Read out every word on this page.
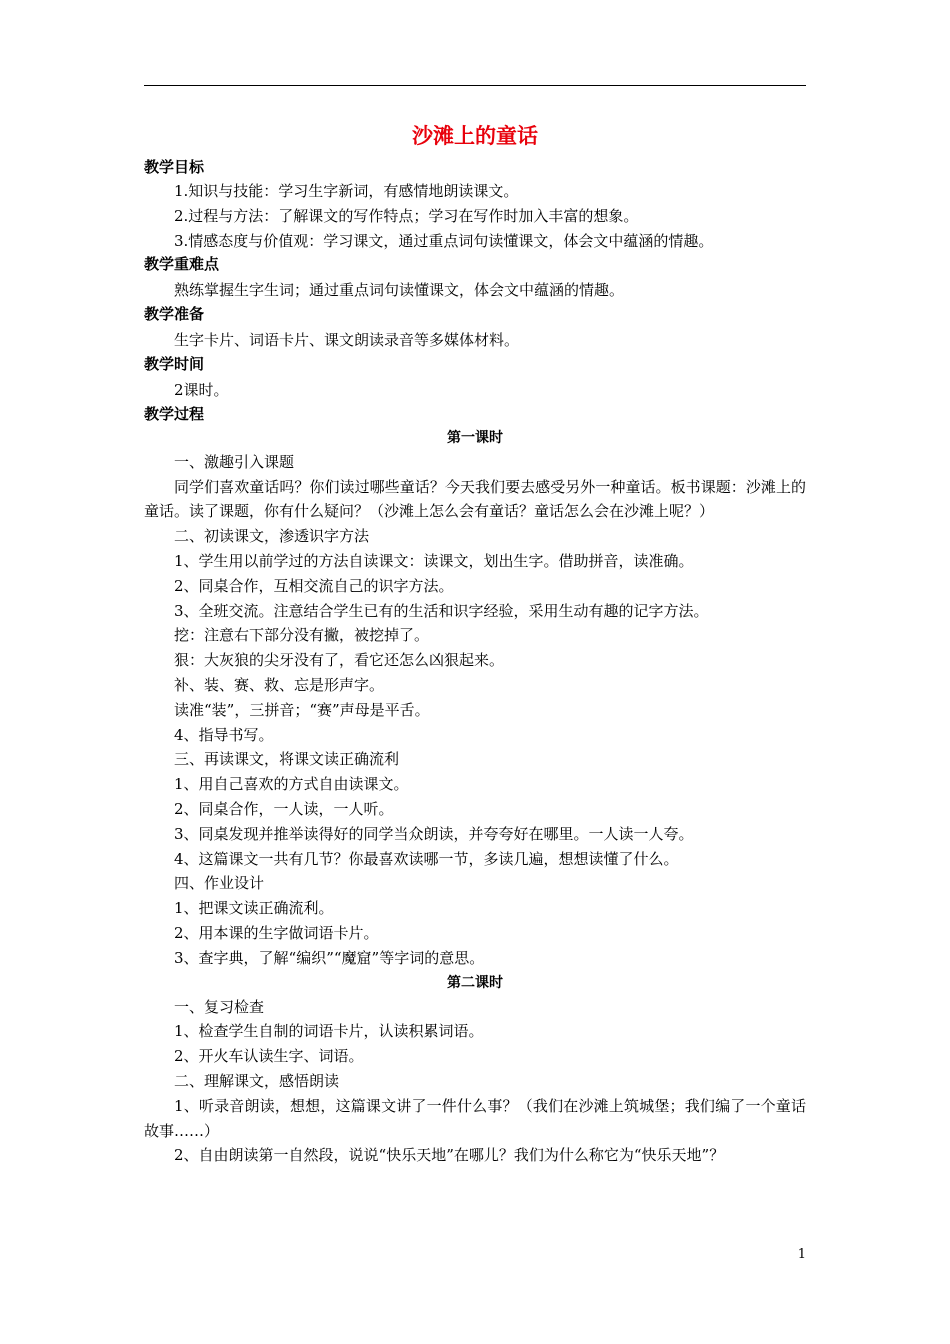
沙滩上的童话
教学目标
1.知识与技能：学习生字新词，有感情地朗读课文。
2.过程与方法：了解课文的写作特点；学习在写作时加入丰富的想象。
3.情感态度与价值观：学习课文，通过重点词句读懂课文，体会文中蕴涵的情趣。
教学重难点
熟练掌握生字生词；通过重点词句读懂课文，体会文中蕴涵的情趣。
教学准备
生字卡片、词语卡片、课文朗读录音等多媒体材料。
教学时间
2课时。
教学过程
第一课时
一、激趣引入课题
同学们喜欢童话吗？你们读过哪些童话？今天我们要去感受另外一种童话。板书课题：沙滩上的童话。读了课题，你有什么疑问？（沙滩上怎么会有童话？童话怎么会在沙滩上呢？）
二、初读课文，渗透识字方法
1、学生用以前学过的方法自读课文：读课文，划出生字。借助拼音，读准确。
2、同桌合作，互相交流自己的识字方法。
3、全班交流。注意结合学生已有的生活和识字经验，采用生动有趣的记字方法。
挖：注意右下部分没有撇，被挖掉了。
狠：大灰狼的尖牙没有了，看它还怎么凶狠起来。
补、装、赛、救、忘是形声字。
读准“装”，三拼音；“赛”声母是平舌。
4、指导书写。
三、再读课文，将课文读正确流利
1、用自己喜欢的方式自由读课文。
2、同桌合作，一人读，一人听。
3、同桌发现并推举读得好的同学当众朗读，并夸夸好在哪里。一人读一人夸。
4、这篇课文一共有几节？你最喜欢读哪一节，多读几遍，想想读懂了什么。
四、作业设计
1、把课文读正确流利。
2、用本课的生字做词语卡片。
3、查字典，了解“编织”“魔窟”等字词的意思。
第二课时
一、复习检查
1、检查学生自制的词语卡片，认读积累词语。
2、开火车认读生字、词语。
二、理解课文，感悟朗读
1、听录音朗读，想想，这篇课文讲了一件什么事？（我们在沙滩上筑城堡；我们编了一个童话故事……）
2、自由朗读第一自然段，说说“快乐天地”在哪儿？我们为什么称它为“快乐天地”？
1
